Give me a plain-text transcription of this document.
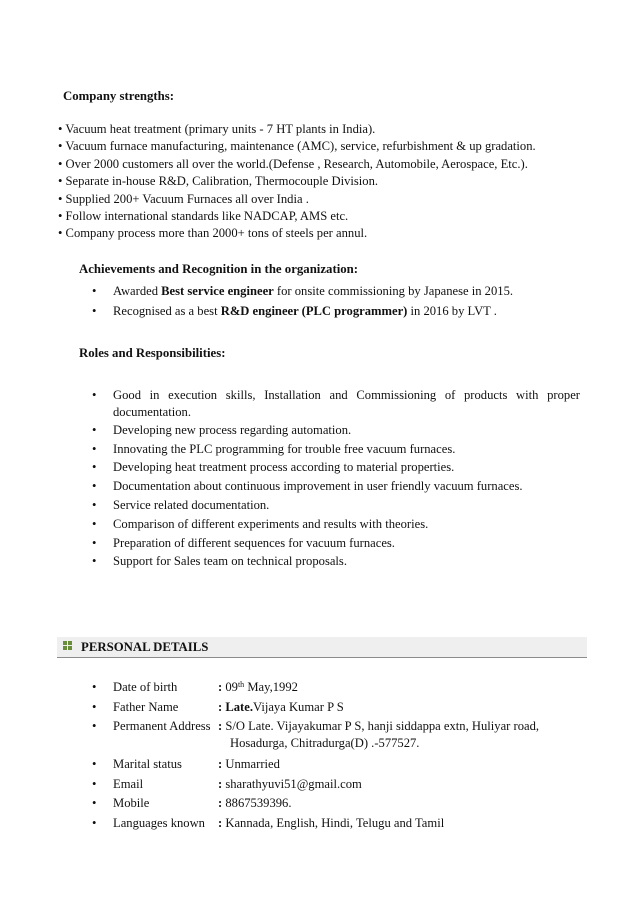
Company strengths:
• Vacuum heat treatment (primary units - 7 HT plants in India).
• Vacuum furnace manufacturing, maintenance (AMC), service, refurbishment & up gradation.
• Over 2000 customers all over the world.(Defense , Research, Automobile, Aerospace, Etc.).
• Separate in-house R&D, Calibration, Thermocouple Division.
• Supplied 200+ Vacuum Furnaces all over India .
• Follow international standards like NADCAP, AMS etc.
• Company process more than 2000+ tons of steels per annul.
Achievements and Recognition in the organization:
• Awarded Best service engineer for onsite commissioning by Japanese in 2015.
• Recognised as a best R&D engineer (PLC programmer) in 2016 by LVT .
Roles and Responsibilities:
• Good in execution skills, Installation and Commissioning of products with proper documentation.
• Developing new process regarding automation.
• Innovating the PLC programming for trouble free vacuum furnaces.
• Developing heat treatment process according to material properties.
• Documentation about continuous improvement in user friendly vacuum furnaces.
• Service related documentation.
• Comparison of different experiments and results with theories.
• Preparation of different sequences for vacuum furnaces.
• Support for Sales team on technical proposals.
PERSONAL DETAILS
• Date of birth	: 09th May,1992
• Father Name	: Late.Vijaya Kumar P S
• Permanent Address : S/O Late. Vijayakumar P S, hanji siddappa extn, Huliyar road,
Hosadurga, Chitradurga(D) .-577527.
• Marital status	: Unmarried
• Email	: sharathyuvi51@gmail.com
• Mobile	: 8867539396.
• Languages known : Kannada, English, Hindi, Telugu and Tamil
